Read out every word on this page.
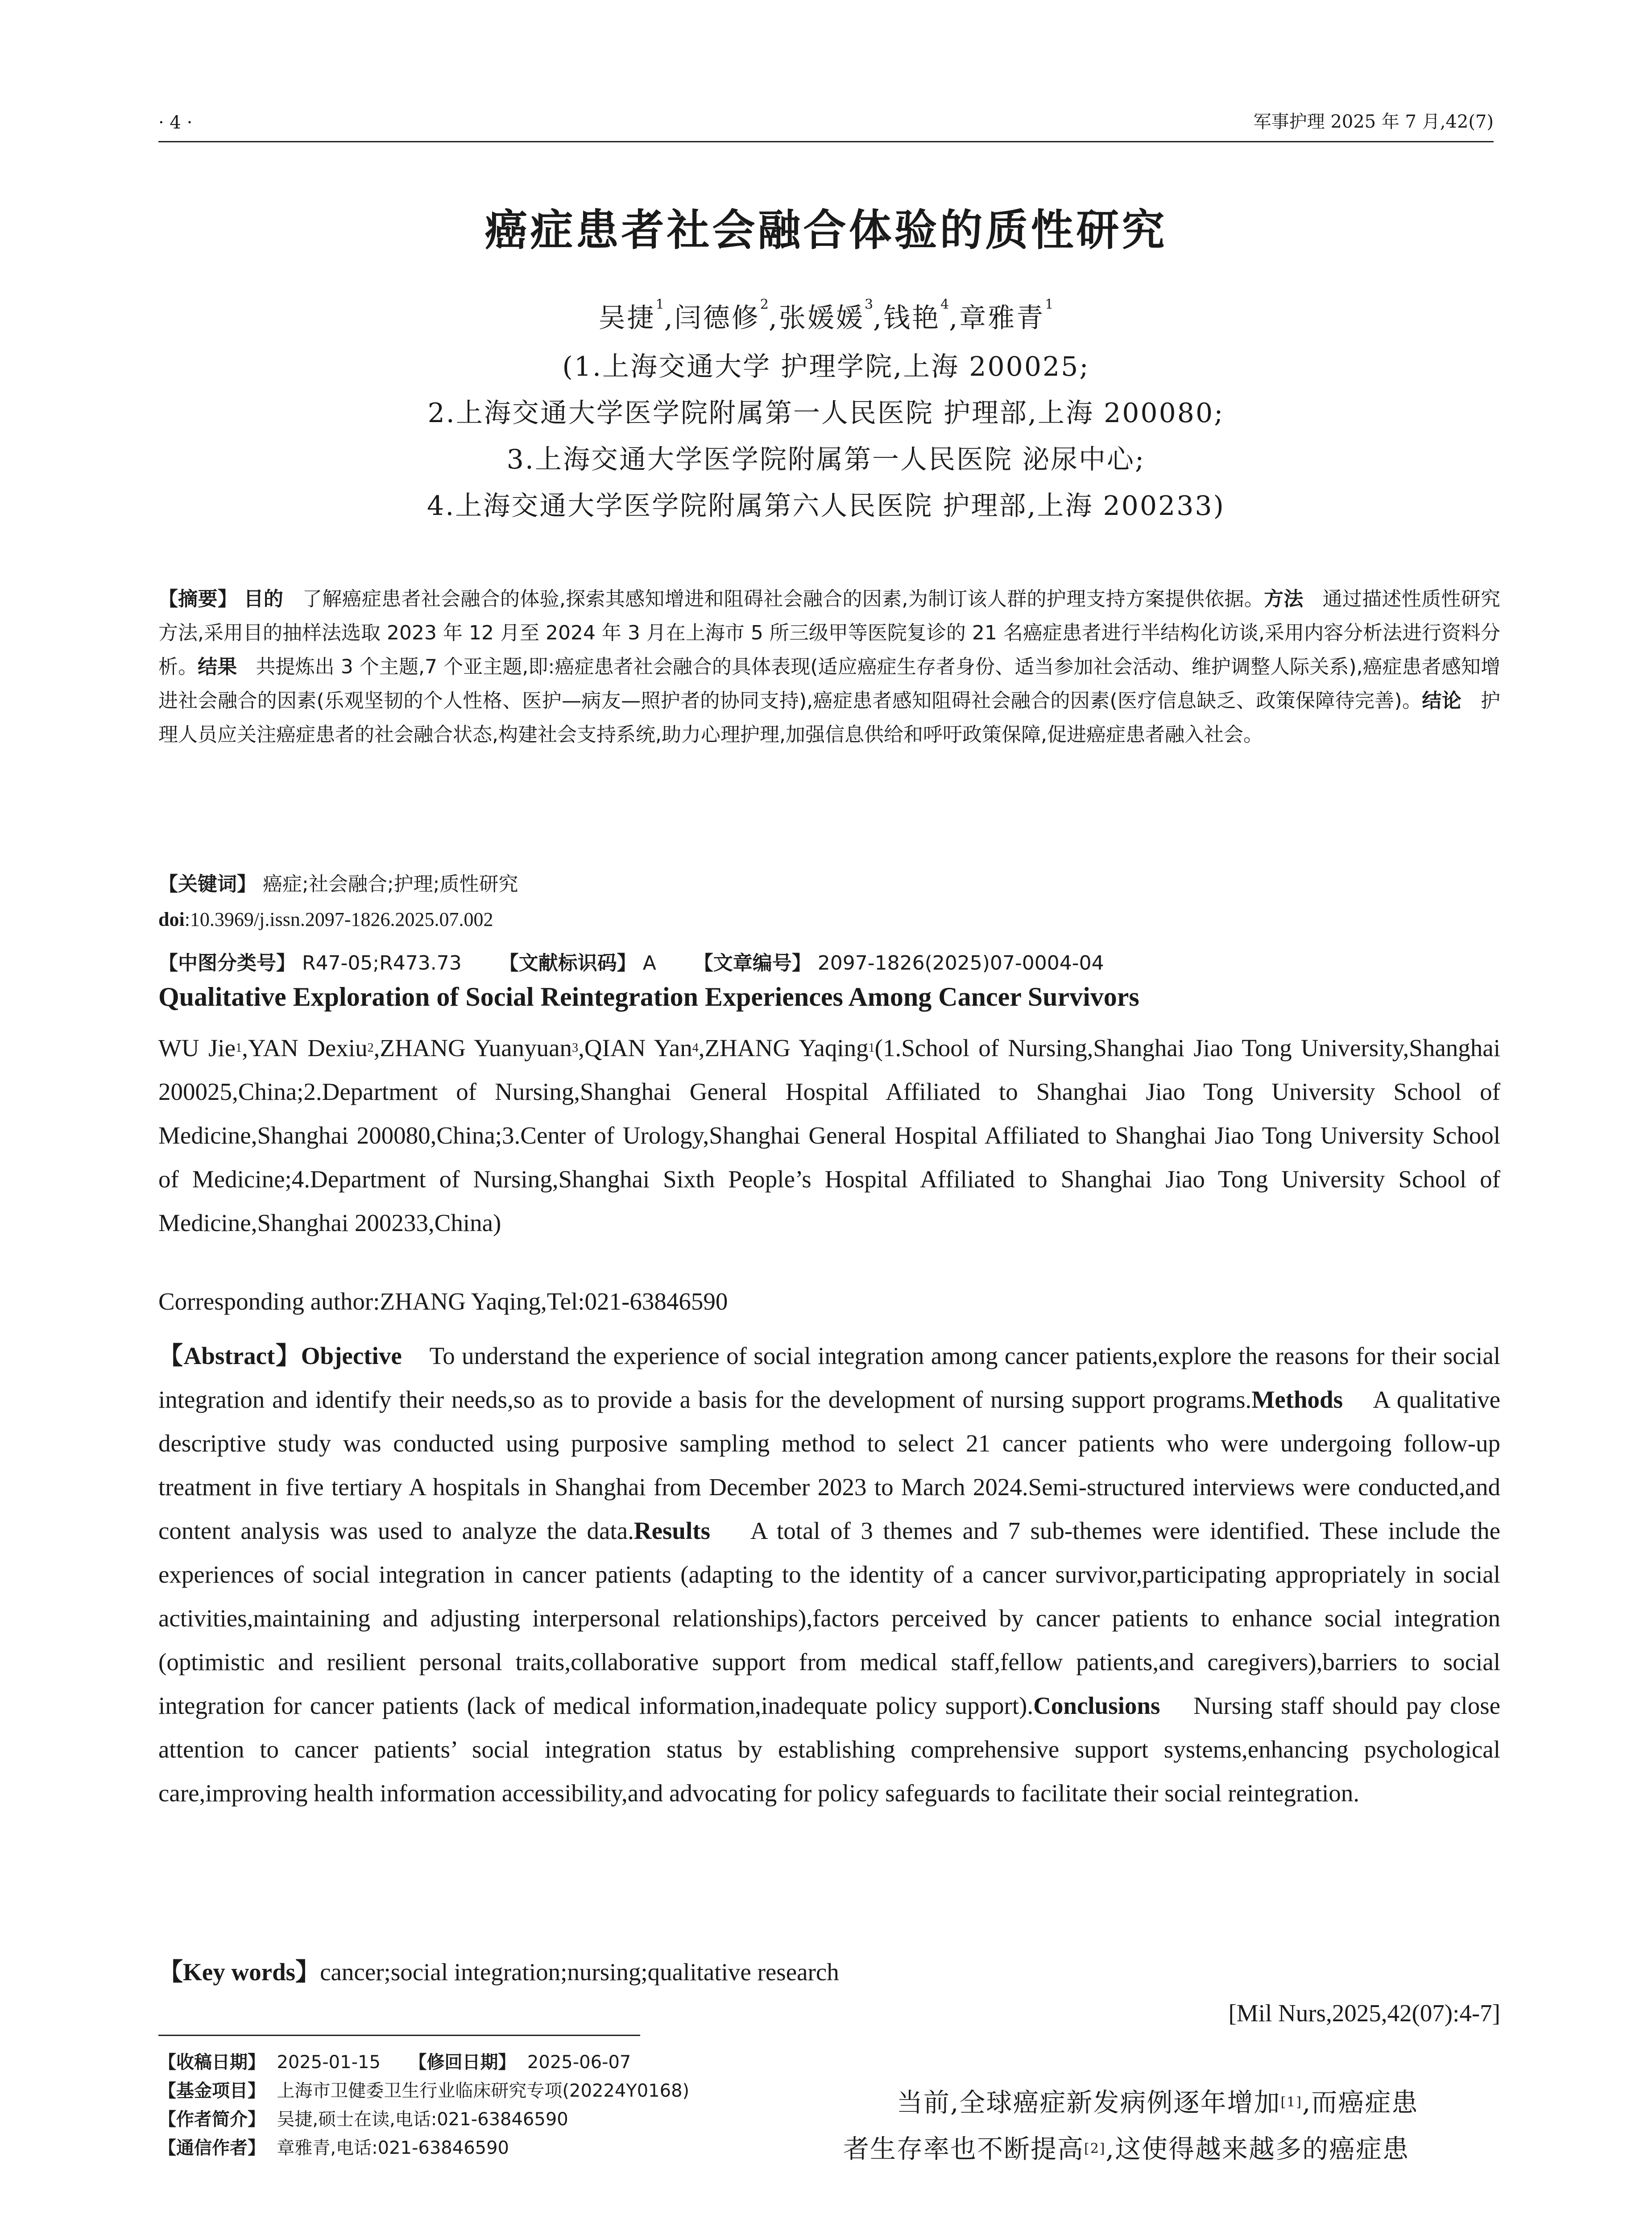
· 4 ·	军事护理 2025 年 7 月,42(7)
癌症患者社会融合体验的质性研究
吴捷$^1$,闫德修$^2$,张媛媛$^3$,钱艳$^4$,章雅青$^1$
(1.上海交通大学 护理学院,上海 200025;
2.上海交通大学医学院附属第一人民医院 护理部,上海 200080;
3.上海交通大学医学院附属第一人民医院 泌尿中心;
4.上海交通大学医学院附属第六人民医院 护理部,上海 200233)
【摘要】 目的 了解癌症患者社会融合的体验,探索其感知增进和阻碍社会融合的因素,为制订该人群的护理支持方案提供依据。方法 通过描述性质性研究方法,采用目的抽样法选取 2023 年 12 月至 2024 年 3 月在上海市 5 所三级甲等医院复诊的 21 名癌症患者进行半结构化访谈,采用内容分析法进行资料分析。结果 共提炼出 3 个主题,7 个亚主题,即:癌症患者社会融合的具体表现(适应癌症生存者身份、适当参加社会活动、维护调整人际关系),癌症患者感知增进社会融合的因素(乐观坚韧的个人性格、医护—病友—照护者的协同支持),癌症患者感知阻碍社会融合的因素(医疗信息缺乏、政策保障待完善)。结论 护理人员应关注癌症患者的社会融合状态,构建社会支持系统,助力心理护理,加强信息供给和呼吁政策保障,促进癌症患者融入社会。
【关键词】 癌症;社会融合;护理;质性研究
doi:10.3969/j.issn.2097-1826.2025.07.002
【中图分类号】 R47-05;R473.73 【文献标识码】 A 【文章编号】 2097-1826(2025)07-0004-04
Qualitative Exploration of Social Reintegration Experiences Among Cancer Survivors
WU Jie$^1$,YAN Dexiu$^2$,ZHANG Yuanyuan$^3$,QIAN Yan$^4$,ZHANG Yaqing$^1$(1.School of Nursing,Shanghai Jiao Tong University,Shanghai 200025,China;2.Department of Nursing,Shanghai General Hospital Affiliated to Shanghai Jiao Tong University School of Medicine,Shanghai 200080,China;3.Center of Urology,Shanghai General Hospital Affiliated to Shanghai Jiao Tong University School of Medicine;4.Department of Nursing,Shanghai Sixth People’s Hospital Affiliated to Shanghai Jiao Tong University School of Medicine,Shanghai 200233,China)
Corresponding author:ZHANG Yaqing,Tel:021-63846590
【Abstract】Objective To understand the experience of social integration among cancer patients,explore the reasons for their social integration and identify their needs,so as to provide a basis for the development of nursing support programs.Methods A qualitative descriptive study was conducted using purposive sampling method to select 21 cancer patients who were undergoing follow-up treatment in five tertiary A hospitals in Shanghai from December 2023 to March 2024.Semi-structured interviews were conducted,and content analysis was used to analyze the data.Results A total of 3 themes and 7 sub-themes were identified. These include the experiences of social integration in cancer patients (adapting to the identity of a cancer survivor,participating appropriately in social activities,maintaining and adjusting interpersonal relationships),factors perceived by cancer patients to enhance social integration (optimistic and resilient personal traits,collaborative support from medical staff,fellow patients,and caregivers),barriers to social integration for cancer patients (lack of medical information,inadequate policy support).Conclusions Nursing staff should pay close attention to cancer patients’ social integration status by establishing comprehensive support systems,enhancing psychological care,improving health information accessibility,and advocating for policy safeguards to facilitate their social reintegration.
【Key words】cancer;social integration;nursing;qualitative research
[Mil Nurs,2025,42(07):4-7]
【收稿日期】 2025-01-15 【修回日期】 2025-06-07
【基金项目】 上海市卫健委卫生行业临床研究专项(20224Y0168)
【作者简介】 吴捷,硕士在读,电话:021-63846590
【通信作者】 章雅青,电话:021-63846590
当前,全球癌症新发病例逐年增加[1],而癌症患
者生存率也不断提高[2],这使得越来越多的癌症患
